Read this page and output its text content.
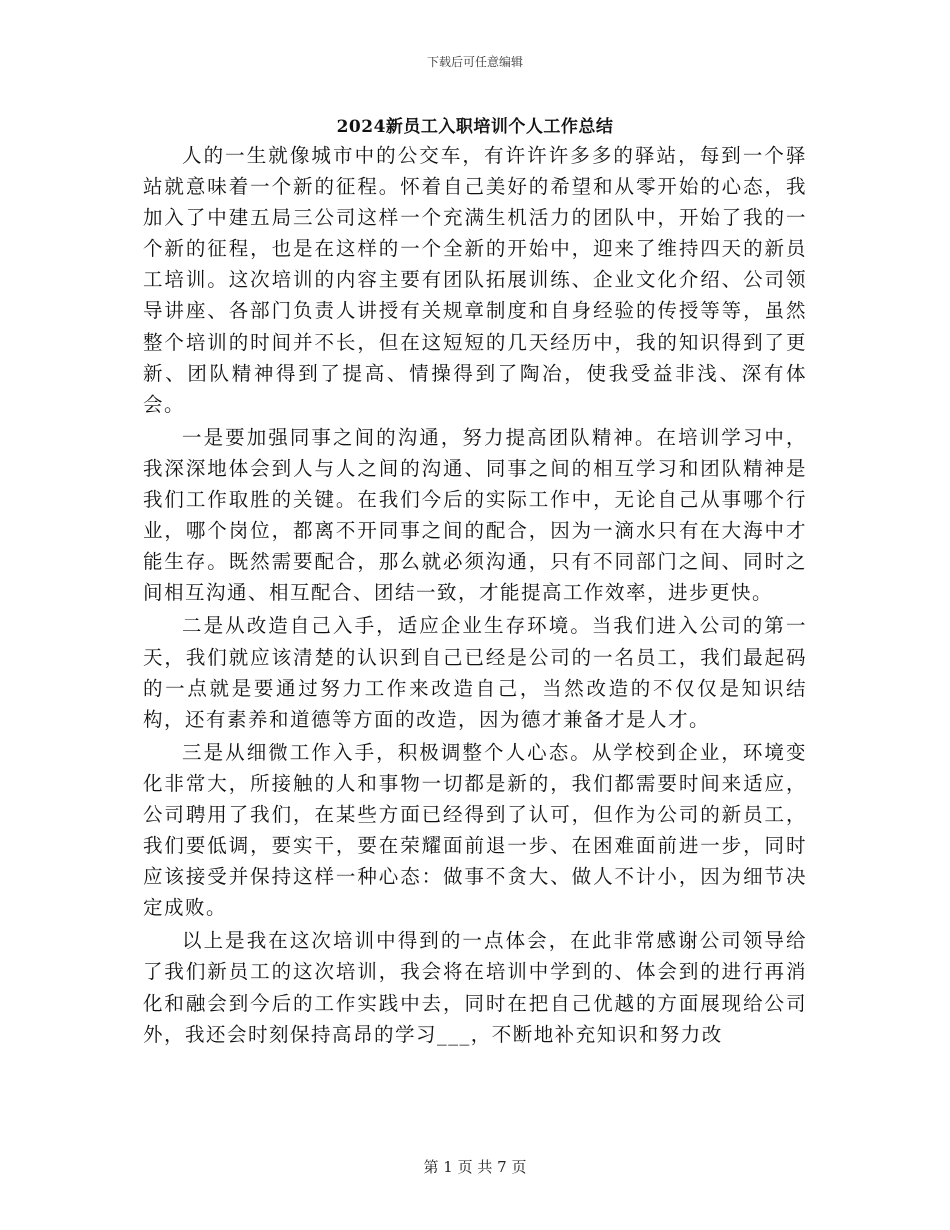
下载后可任意编辑
2024新员工入职培训个人工作总结

人的一生就像城市中的公交车，有许许许多多的驿站，每到一个驿站就意味着一个新的征程。怀着自己美好的希望和从零开始的心态，我加入了中建五局三公司这样一个充满生机活力的团队中，开始了我的一个新的征程，也是在这样的一个全新的开始中，迎来了维持四天的新员工培训。这次培训的内容主要有团队拓展训练、企业文化介绍、公司领导讲座、各部门负责人讲授有关规章制度和自身经验的传授等等，虽然整个培训的时间并不长，但在这短短的几天经历中，我的知识得到了更新、团队精神得到了提高、情操得到了陶冶，使我受益非浅、深有体会。

一是要加强同事之间的沟通，努力提高团队精神。在培训学习中，我深深地体会到人与人之间的沟通、同事之间的相互学习和团队精神是我们工作取胜的关键。在我们今后的实际工作中，无论自己从事哪个行业，哪个岗位，都离不开同事之间的配合，因为一滴水只有在大海中才能生存。既然需要配合，那么就必须沟通，只有不同部门之间、同时之间相互沟通、相互配合、团结一致，才能提高工作效率，进步更快。

二是从改造自己入手，适应企业生存环境。当我们进入公司的第一天，我们就应该清楚的认识到自己已经是公司的一名员工，我们最起码的一点就是要通过努力工作来改造自己，当然改造的不仅仅是知识结构，还有素养和道德等方面的改造，因为德才兼备才是人才。

三是从细微工作入手，积极调整个人心态。从学校到企业，环境变化非常大，所接触的人和事物一切都是新的，我们都需要时间来适应，公司聘用了我们，在某些方面已经得到了认可，但作为公司的新员工，我们要低调，要实干，要在荣耀面前退一步、在困难面前进一步，同时应该接受并保持这样一种心态：做事不贪大、做人不计小，因为细节决定成败。

以上是我在这次培训中得到的一点体会，在此非常感谢公司领导给了我们新员工的这次培训，我会将在培训中学到的、体会到的进行再消化和融会到今后的工作实践中去，同时在把自己优越的方面展现给公司外，我还会时刻保持高昂的学习___，不断地补充知识和努力改

第 1 页 共 7 页
